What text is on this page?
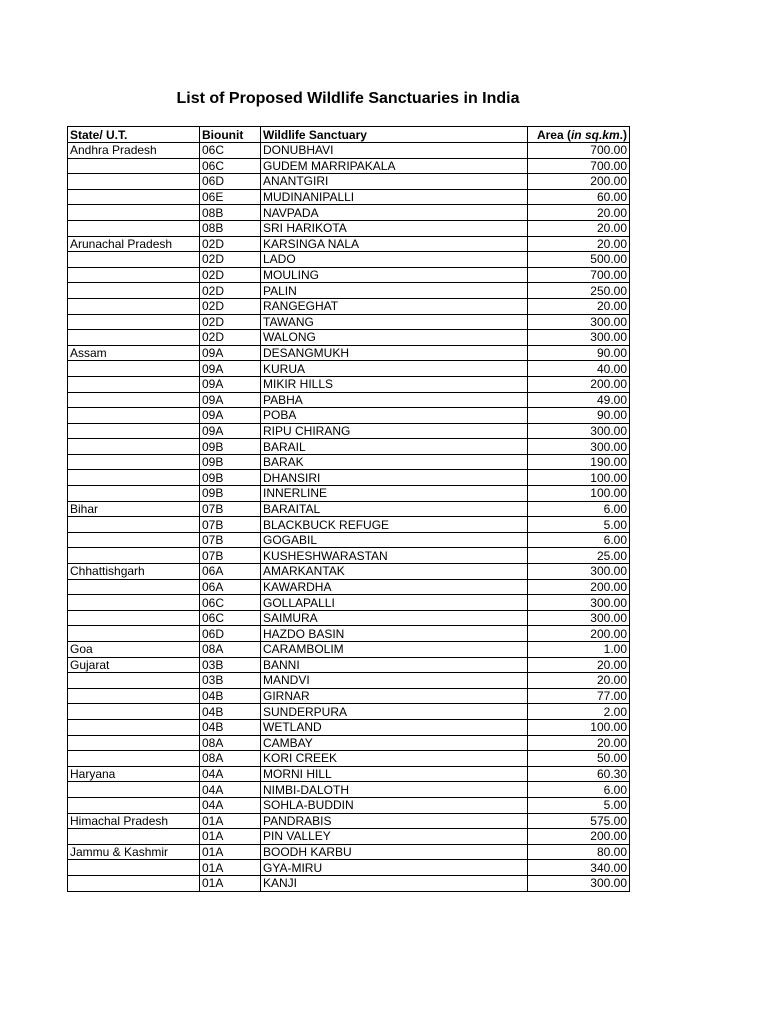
List of Proposed Wildlife Sanctuaries in India
State/ U.T.	Biounit	Wildlife Sanctuary	Area (in sq.km.)
Andhra Pradesh	06C	DONUBHAVI	700.00
	06C	GUDEM MARRIPAKALA	700.00
	06D	ANANTGIRI	200.00
	06E	MUDINANIPALLI	60.00
	08B	NAVPADA	20.00
	08B	SRI HARIKOTA	20.00
Arunachal Pradesh	02D	KARSINGA NALA	20.00
	02D	LADO	500.00
	02D	MOULING	700.00
	02D	PALIN	250.00
	02D	RANGEGHAT	20.00
	02D	TAWANG	300.00
	02D	WALONG	300.00
Assam	09A	DESANGMUKH	90.00
	09A	KURUA	40.00
	09A	MIKIR HILLS	200.00
	09A	PABHA	49.00
	09A	POBA	90.00
	09A	RIPU CHIRANG	300.00
	09B	BARAIL	300.00
	09B	BARAK	190.00
	09B	DHANSIRI	100.00
	09B	INNERLINE	100.00
Bihar	07B	BARAITAL	6.00
	07B	BLACKBUCK REFUGE	5.00
	07B	GOGABIL	6.00
	07B	KUSHESHWARASTAN	25.00
Chhattishgarh	06A	AMARKANTAK	300.00
	06A	KAWARDHA	200.00
	06C	GOLLAPALLI	300.00
	06C	SAIMURA	300.00
	06D	HAZDO BASIN	200.00
Goa	08A	CARAMBOLIM	1.00
Gujarat	03B	BANNI	20.00
	03B	MANDVI	20.00
	04B	GIRNAR	77.00
	04B	SUNDERPURA	2.00
	04B	WETLAND	100.00
	08A	CAMBAY	20.00
	08A	KORI CREEK	50.00
Haryana	04A	MORNI HILL	60.30
	04A	NIMBI-DALOTH	6.00
	04A	SOHLA-BUDDIN	5.00
Himachal Pradesh	01A	PANDRABIS	575.00
	01A	PIN VALLEY	200.00
Jammu & Kashmir	01A	BOODH KARBU	80.00
	01A	GYA-MIRU	340.00
	01A	KANJI	300.00
